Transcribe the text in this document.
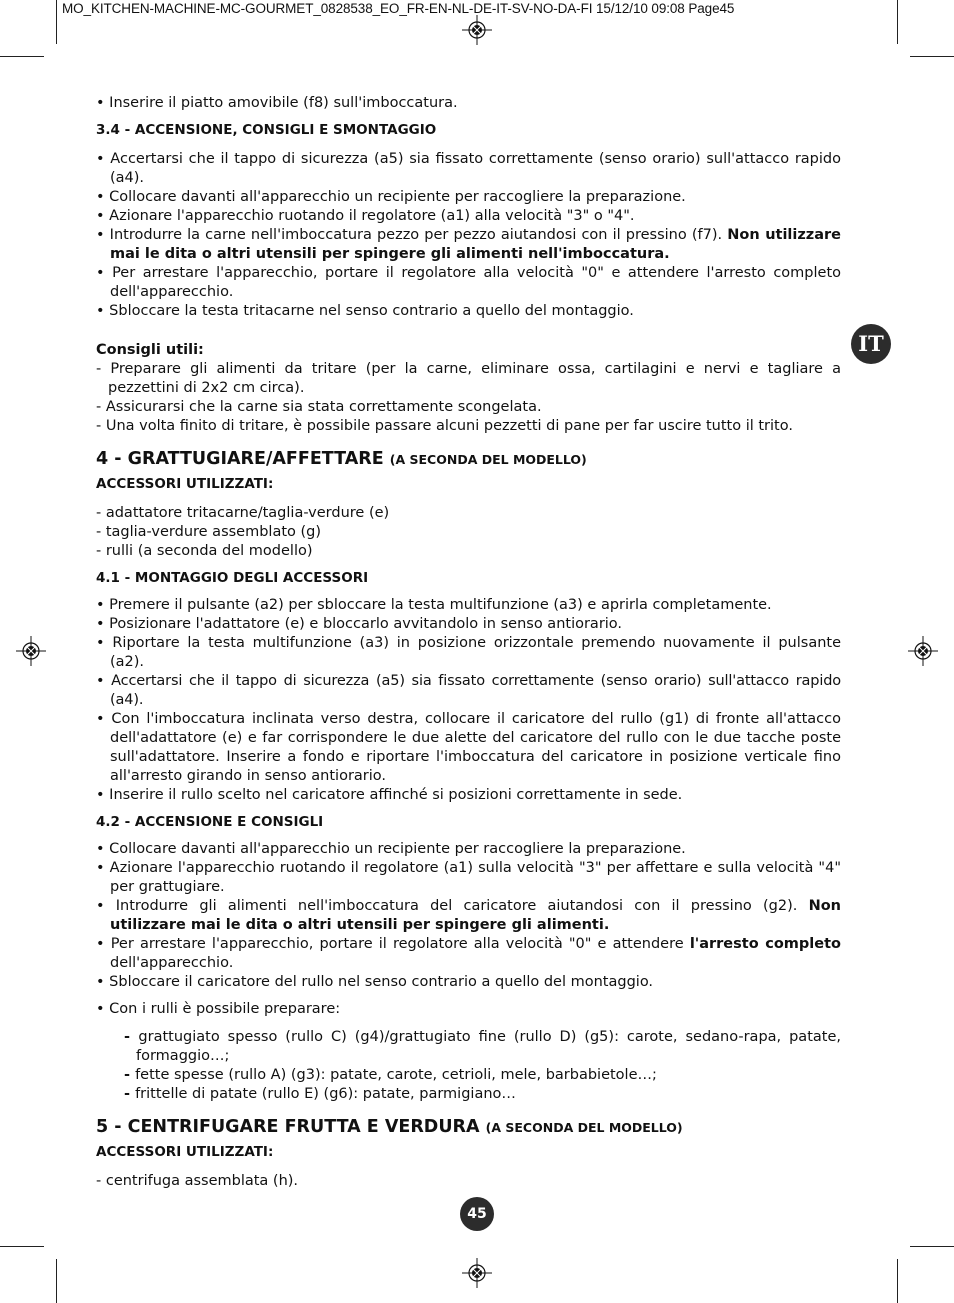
MO_KITCHEN-MACHINE-MC-GOURMET_0828538_EO_FR-EN-NL-DE-IT-SV-NO-DA-FI 15/12/10 09:08 Page45
IT
45

• Inserire il piatto amovibile (f8) sull'imboccatura.

3.4 - ACCENSIONE, CONSIGLI E SMONTAGGIO

• Accertarsi che il tappo di sicurezza (a5) sia fissato correttamente (senso orario) sull'attacco rapido (a4).

• Collocare davanti all'apparecchio un recipiente per raccogliere la preparazione.

• Azionare l'apparecchio ruotando il regolatore (a1) alla velocità "3" o "4".

• Introdurre la carne nell'imboccatura pezzo per pezzo aiutandosi con il pressino (f7). Non utilizzare mai le dita o altri utensili per spingere gli alimenti nell'imboccatura.

• Per arrestare l'apparecchio, portare il regolatore alla velocità "0" e attendere l'arresto completo dell'apparecchio.

• Sbloccare la testa tritacarne nel senso contrario a quello del montaggio.

Consigli utili:

- Preparare gli alimenti da tritare (per la carne, eliminare ossa, cartilagini e nervi e tagliare a pezzettini di 2x2 cm circa).

- Assicurarsi che la carne sia stata correttamente scongelata.

- Una volta finito di tritare, è possibile passare alcuni pezzetti di pane per far uscire tutto il trito.

4 - GRATTUGIARE/AFFETTARE (A SECONDA DEL MODELLO)
ACCESSORI UTILIZZATI:

- adattatore tritacarne/taglia-verdure (e)

- taglia-verdure assemblato (g)

- rulli (a seconda del modello)

4.1 - MONTAGGIO DEGLI ACCESSORI

• Premere il pulsante (a2) per sbloccare la testa multifunzione (a3) e aprirla completamente.

• Posizionare l'adattatore (e) e bloccarlo avvitandolo in senso antiorario.

• Riportare la testa multifunzione (a3) in posizione orizzontale premendo nuovamente il pulsante (a2).

• Accertarsi che il tappo di sicurezza (a5) sia fissato correttamente (senso orario) sull'attacco rapido (a4).

• Con l'imboccatura inclinata verso destra, collocare il caricatore del rullo (g1) di fronte all'attacco dell'adattatore (e) e far corrispondere le due alette del caricatore del rullo con le due tacche poste sull'adattatore. Inserire a fondo e riportare l'imboccatura del caricatore in posizione verticale fino all'arresto girando in senso antiorario.

• Inserire il rullo scelto nel caricatore affinché si posizioni correttamente in sede.

4.2 - ACCENSIONE E CONSIGLI

• Collocare davanti all'apparecchio un recipiente per raccogliere la preparazione.

• Azionare l'apparecchio ruotando il regolatore (a1) sulla velocità "3" per affettare e sulla velocità "4" per grattugiare.

• Introdurre gli alimenti nell'imboccatura del caricatore aiutandosi con il pressino (g2). Non utilizzare mai le dita o altri utensili per spingere gli alimenti.

• Per arrestare l'apparecchio, portare il regolatore alla velocità "0" e attendere l'arresto completo dell'apparecchio.

• Sbloccare il caricatore del rullo nel senso contrario a quello del montaggio.

• Con i rulli è possibile preparare:

- grattugiato spesso (rullo C) (g4)/grattugiato fine (rullo D) (g5): carote, sedano-rapa, patate, formaggio…;

- fette spesse (rullo A) (g3): patate, carote, cetrioli, mele, barbabietole…;

- frittelle di patate (rullo E) (g6): patate, parmigiano…

5 - CENTRIFUGARE FRUTTA E VERDURA (A SECONDA DEL MODELLO)
ACCESSORI UTILIZZATI:

- centrifuga assemblata (h).
